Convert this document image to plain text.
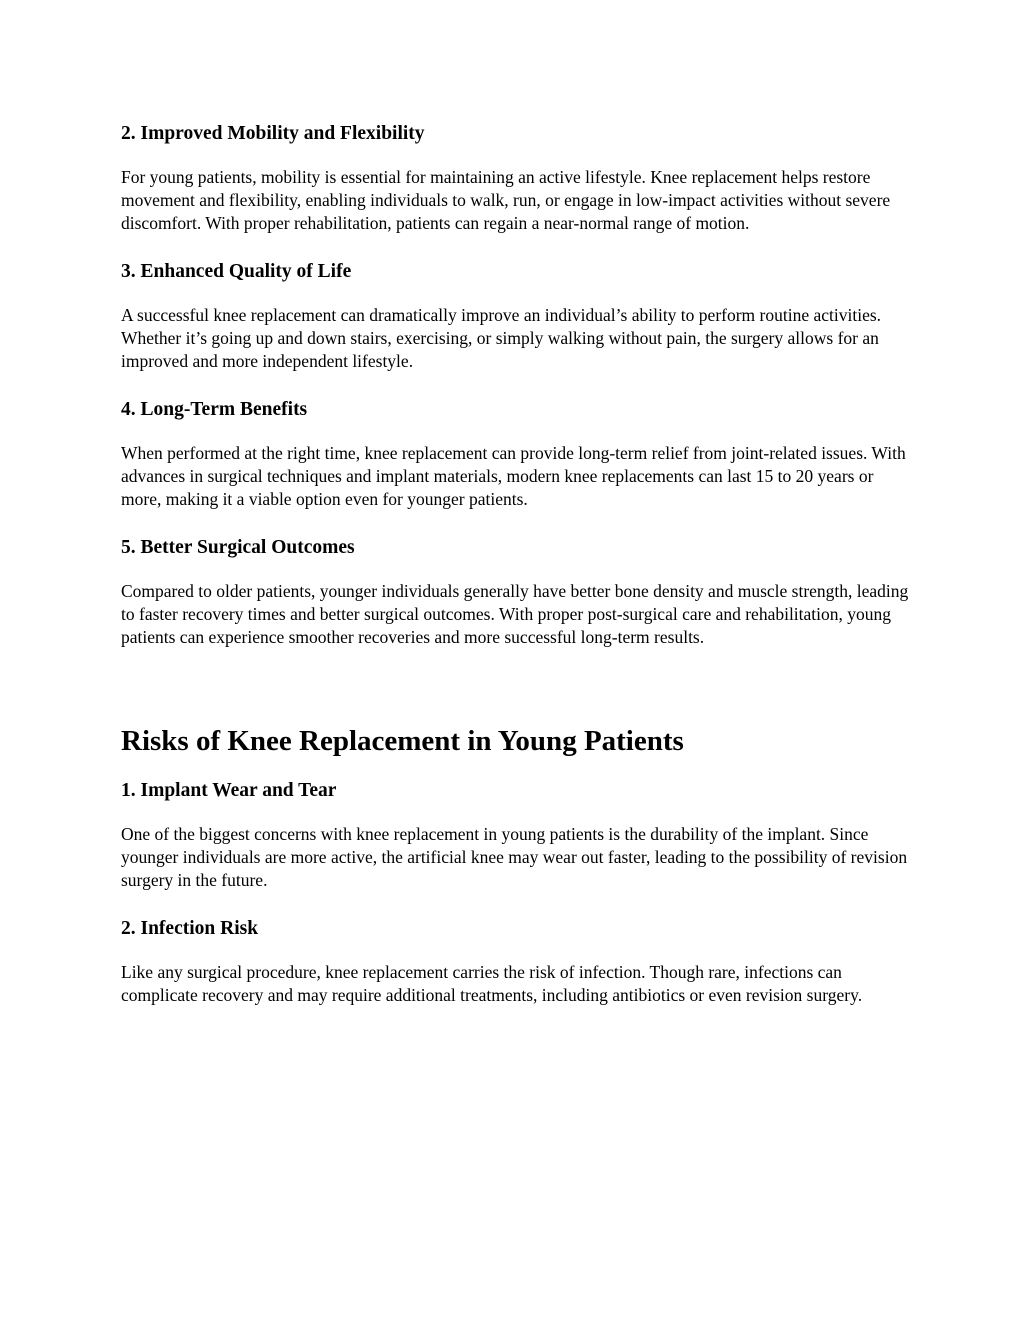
2. Improved Mobility and Flexibility

For young patients, mobility is essential for maintaining an active lifestyle. Knee replacement helps restore movement and flexibility, enabling individuals to walk, run, or engage in low-impact activities without severe discomfort. With proper rehabilitation, patients can regain a near-normal range of motion.

3. Enhanced Quality of Life

A successful knee replacement can dramatically improve an individual’s ability to perform routine activities. Whether it’s going up and down stairs, exercising, or simply walking without pain, the surgery allows for an improved and more independent lifestyle.

4. Long-Term Benefits

When performed at the right time, knee replacement can provide long-term relief from joint-related issues. With advances in surgical techniques and implant materials, modern knee replacements can last 15 to 20 years or more, making it a viable option even for younger patients.

5. Better Surgical Outcomes

Compared to older patients, younger individuals generally have better bone density and muscle strength, leading to faster recovery times and better surgical outcomes. With proper post-surgical care and rehabilitation, young patients can experience smoother recoveries and more successful long-term results.

Risks of Knee Replacement in Young Patients
1. Implant Wear and Tear

One of the biggest concerns with knee replacement in young patients is the durability of the implant. Since younger individuals are more active, the artificial knee may wear out faster, leading to the possibility of revision surgery in the future.

2. Infection Risk

Like any surgical procedure, knee replacement carries the risk of infection. Though rare, infections can complicate recovery and may require additional treatments, including antibiotics or even revision surgery.
